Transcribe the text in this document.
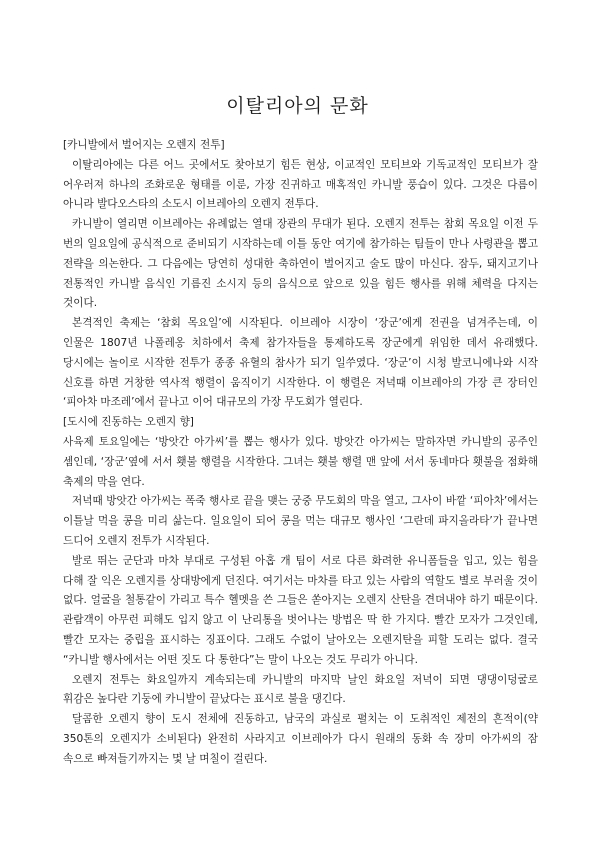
이탈리아의 문화
[카니발에서 벌어지는 오렌지 전투]

이탈리아에는 다른 어느 곳에서도 찾아보기 힘든 현상, 이교적인 모티브와 기독교적인 모티브가 잘 어우러져 하나의 조화로운 형태를 이룬, 가장 진귀하고 매혹적인 카니발 풍습이 있다. 그것은 다름이 아니라 발다오스타의 소도시 이브레아의 오렌지 전투다.

카니발이 열리면 이브레아는 유례없는 열대 장관의 무대가 된다. 오렌지 전투는 참회 목요일 이전 두 번의 일요일에 공식적으로 준비되기 시작하는데 이틀 동안 여기에 참가하는 팀들이 만나 사령관을 뽑고 전략을 의논한다. 그 다음에는 당연히 성대한 축하연이 벌어지고 술도 많이 마신다. 잠두, 돼지고기나 전통적인 카니발 음식인 기름진 소시지 등의 음식으로 앞으로 있을 힘든 행사를 위해 체력을 다지는 것이다.

본격적인 축제는 ‘참회 목요일’에 시작된다. 이브레아 시장이 ‘장군’에게 전권을 넘겨주는데, 이 인물은 1807년 나폴레옹 치하에서 축제 참가자들을 통제하도록 장군에게 위임한 데서 유래했다. 당시에는 놀이로 시작한 전투가 종종 유혈의 참사가 되기 일쑤였다. ‘장군’이 시청 발코니에나와 시작 신호를 하면 거창한 역사적 행렬이 움직이기 시작한다. 이 행렬은 저녁때 이브레아의 가장 큰 장터인 ‘피아차 마조레’에서 끝나고 이어 대규모의 가장 무도회가 열린다.

[도시에 진동하는 오렌지 향]

사육제 토요일에는 ‘방앗간 아가씨’를 뽑는 행사가 있다. 방앗간 아가씨는 말하자면 카니발의 공주인 셈인데, ‘장군’옆에 서서 횃불 행렬을 시작한다. 그녀는 횃불 행렬 맨 앞에 서서 동네마다 횃불을 점화해 축제의 막을 연다.

저녁때 방앗간 아가씨는 폭죽 행사로 끝을 맺는 궁중 무도회의 막을 열고, 그사이 바깥 ‘피아차’에서는 이틀날 먹을 콩을 미리 삶는다. 일요일이 되어 콩을 먹는 대규모 행사인 ‘그란데 파지올라타’가 끝나면 드디어 오렌지 전투가 시작된다.

발로 뛰는 군단과 마차 부대로 구성된 아홉 개 팀이 서로 다른 화려한 유니폼들을 입고, 있는 힘을 다해 잘 익은 오렌지를 상대방에게 던진다. 여기서는 마차를 타고 있는 사람의 역할도 별로 부러울 것이 없다. 얼굴을 철통같이 가리고 특수 헬멧을 쓴 그들은 쏟아지는 오렌지 산탄을 견뎌내야 하기 때문이다. 관람객이 아무런 피해도 입지 않고 이 난리통을 벗어나는 방법은 딱 한 가지다. 빨간 모자가 그것인데, 빨간 모자는 중립을 표시하는 징표이다. 그래도 수없이 날아오는 오렌지탄을 피할 도리는 없다. 결국 “카니발 행사에서는 어떤 짓도 다 통한다”는 말이 나오는 것도 무리가 아니다.

오렌지 전투는 화요일까지 계속되는데 카니발의 마지막 날인 화요일 저녁이 되면 댕댕이덩굴로 휘감은 높다란 기둥에 카니발이 끝났다는 표시로 불을 댕긴다.

달콤한 오렌지 향이 도시 전체에 진동하고, 남국의 과실로 펼치는 이 도취적인 제전의 흔적이(약 350톤의 오렌지가 소비된다) 완전히 사라지고 이브레아가 다시 원래의 동화 속 장미 아가씨의 잠 속으로 빠져들기까지는 몇 날 며칠이 걸린다.
